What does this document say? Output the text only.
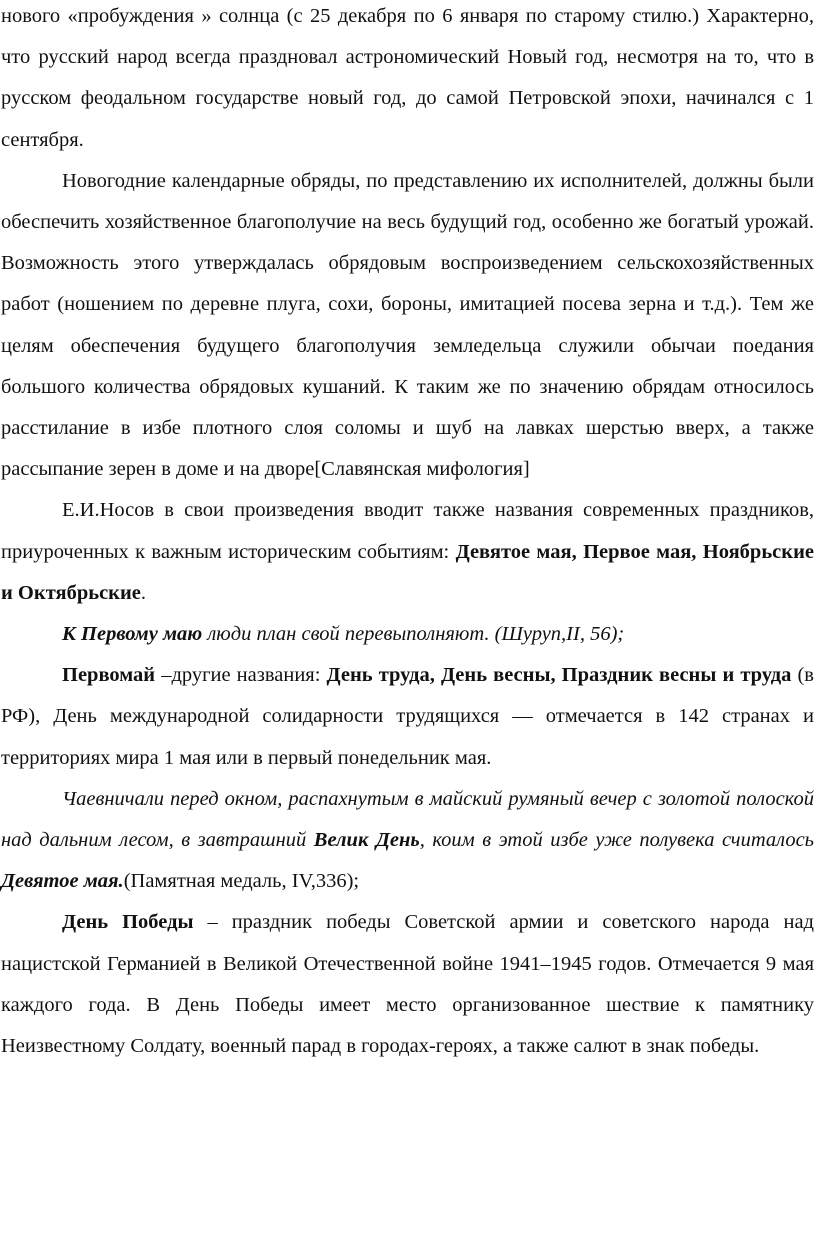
нового «пробуждения » солнца (с 25 декабря по 6 января по старому стилю.) Характерно, что русский народ всегда праздновал астрономический Новый год, несмотря на то, что в русском феодальном государстве новый год, до самой Петровской эпохи, начинался с 1 сентября.

Новогодние календарные обряды, по представлению их исполнителей, должны были обеспечить хозяйственное благополучие на весь будущий год, особенно же богатый урожай. Возможность этого утверждалась обрядовым воспроизведением сельскохозяйственных работ (ношением по деревне плуга, сохи, бороны, имитацией посева зерна и т.д.). Тем же целям обеспечения будущего благополучия земледельца служили обычаи поедания большого количества обрядовых кушаний. К таким же по значению обрядам относилось расстилание в избе плотного слоя соломы и шуб на лавках шерстью вверх, а также рассыпание зерен в доме и на дворе[Славянская мифология]

Е.И.Носов в свои произведения вводит также названия современных праздников, приуроченных к важным историческим событиям: Девятое мая, Первое мая, Ноябрьские и Октябрьские.

К Первому маю люди план свой перевыполняют. (Шуруп,II, 56);

Первомай –другие названия: День труда, День весны, Праздник весны и труда (в РФ), День международной солидарности трудящихся — отмечается в 142 странах и территориях мира 1 мая или в первый понедельник мая.

Чаевничали перед окном, распахнутым в майский румяный вечер с золотой полоской над дальним лесом, в завтрашний Велик День, коим в этой избе уже полувека считалось Девятое мая.(Памятная медаль, IV,336);

День Победы – праздник победы Советской армии и советского народа над нацистской Германией в Великой Отечественной войне 1941–1945 годов. Отмечается 9 мая каждого года. В День Победы имеет место организованное шествие к памятнику Неизвестному Солдату, военный парад в городах-героях, а также салют в знак победы.
